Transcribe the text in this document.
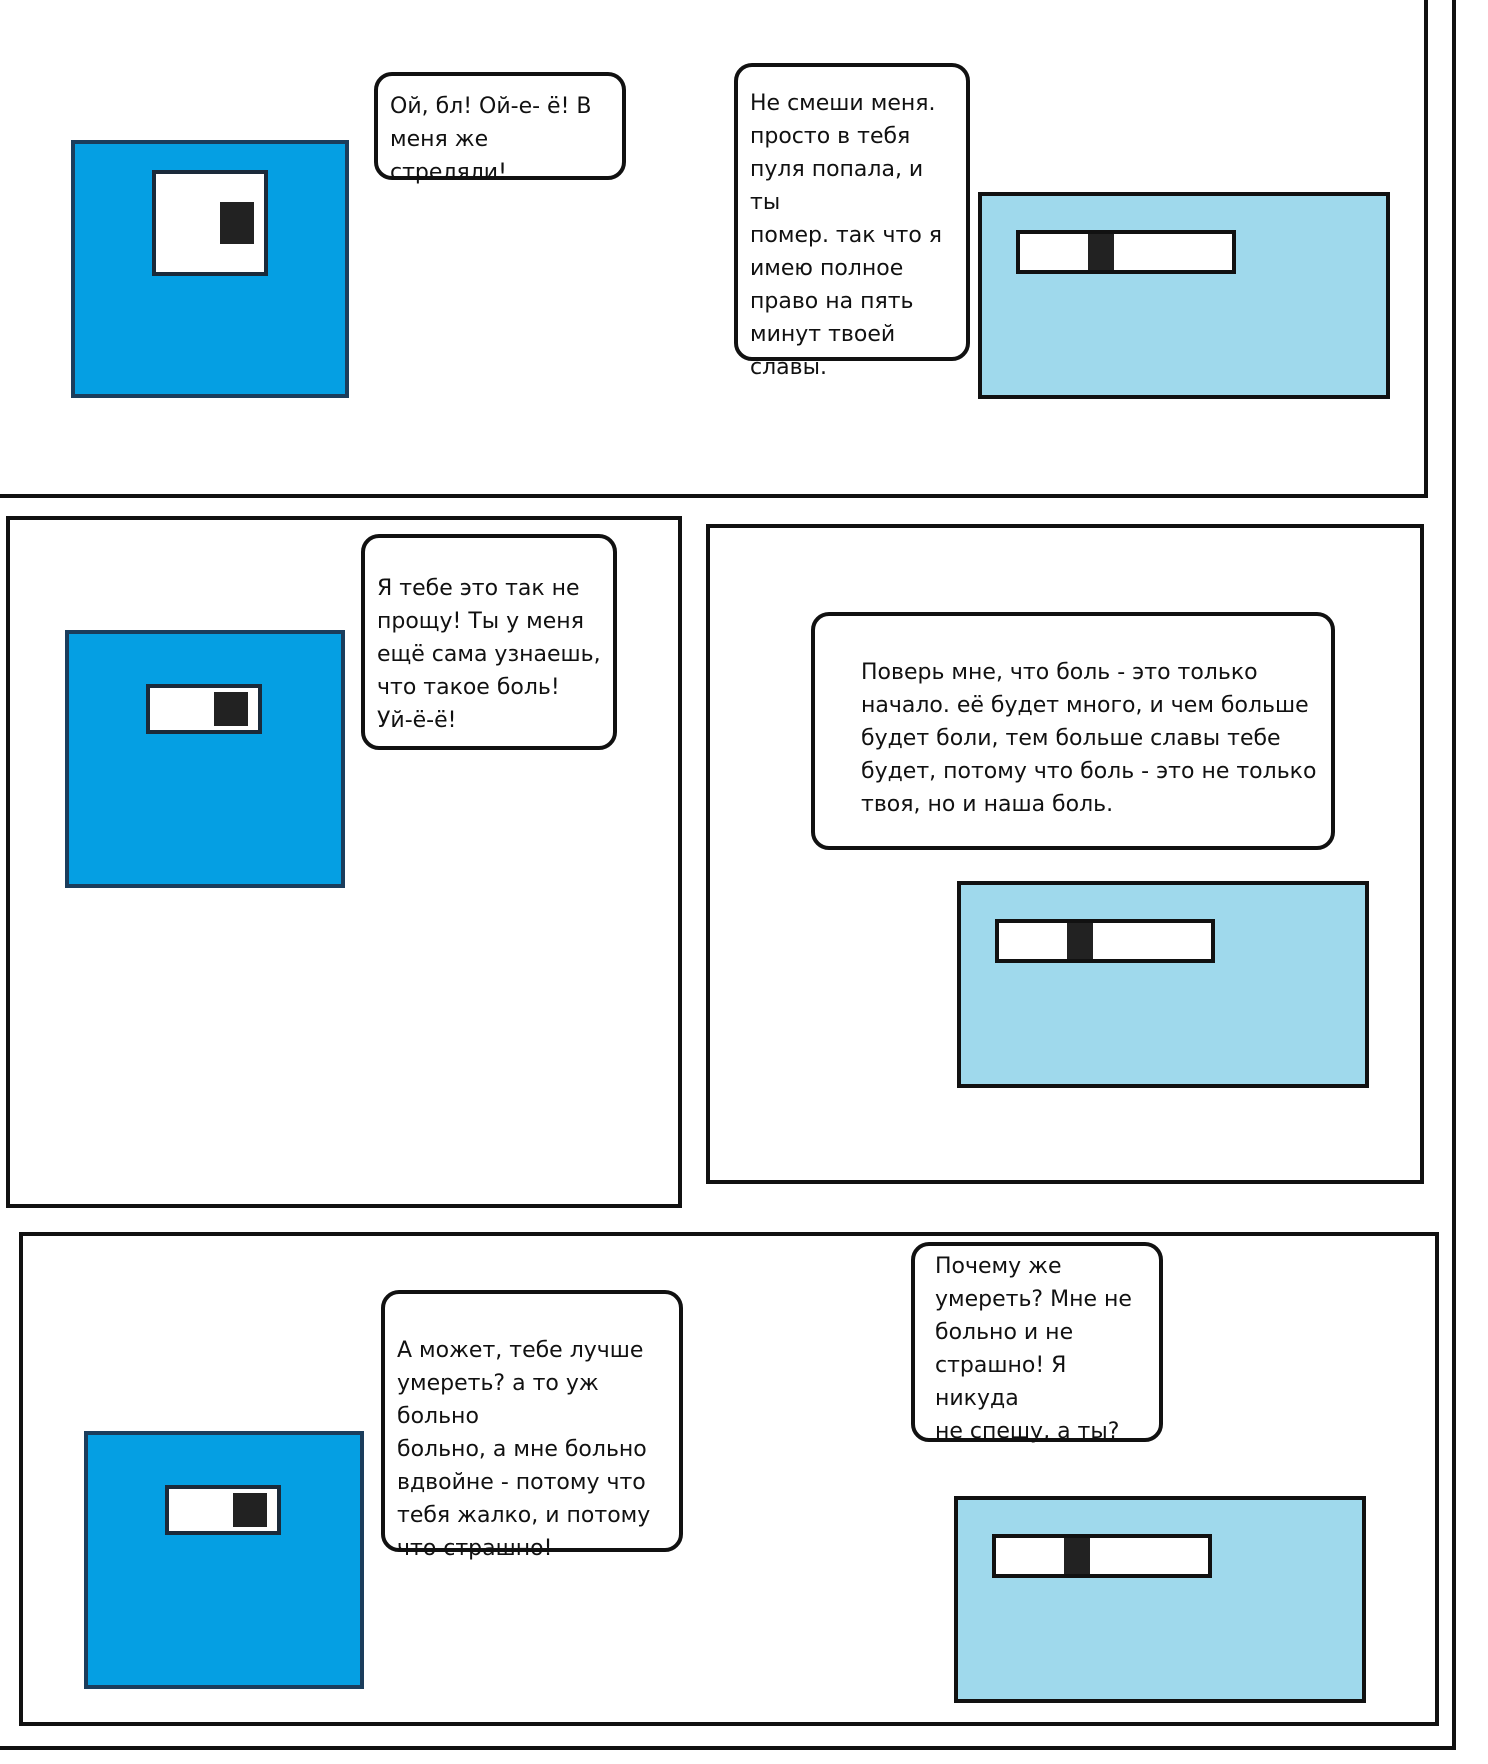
Ой, бл! Ой-е- ё! В
меня же стреляли!
Не смеши меня.
просто в тебя
пуля попала, и ты
помер. так что я
имею полное
право на пять
минут твоей
славы.
Я тебе это так не
прощу! Ты у меня
ещё сама узнаешь,
что такое боль!
Уй-ё-ё!
Поверь мне, что боль - это только
начало. её будет много, и чем больше
будет боли, тем больше славы тебе
будет, потому что боль - это не только
твоя, но и наша боль.
А может, тебе лучше
умереть? а то уж больно
больно, а мне больно
вдвойне - потому что
тебя жалко, и потому
что страшно!
Почему же
умереть? Мне не
больно и не
страшно! Я никуда
не спешу, а ты?
